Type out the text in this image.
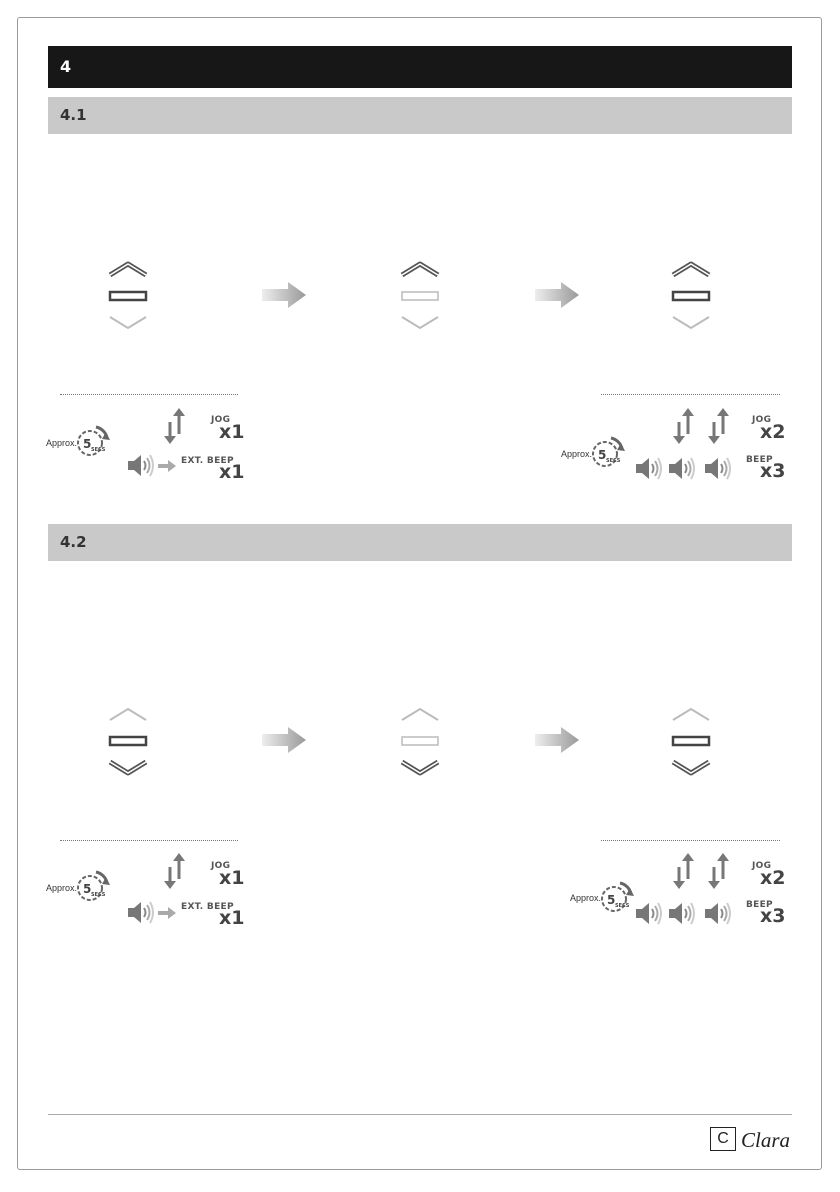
4
4.1
Approx. 5 SECS
JOG
x1
EXT. BEEP
x1
Approx. 5 SECS
JOG
x2
BEEP
x3
4.2
Approx. 5 SECS
JOG
x1
EXT. BEEP
x1
Approx. 5 SECS
JOG
x2
BEEP
x3
C Clara
